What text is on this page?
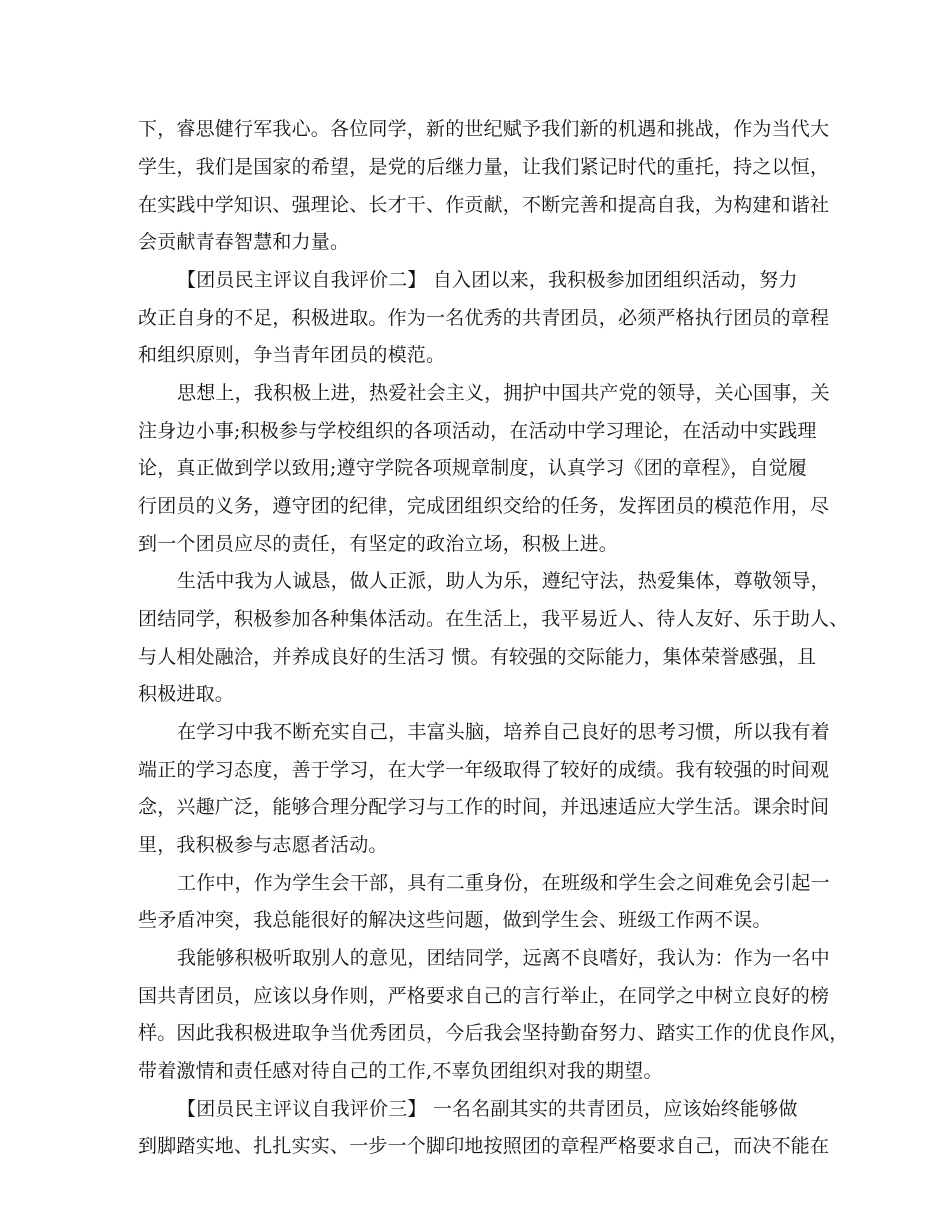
下，睿思健行军我心。各位同学，新的世纪赋予我们新的机遇和挑战，作为当代大
学生，我们是国家的希望，是党的后继力量，让我们紧记时代的重托，持之以恒，
在实践中学知识、强理论、长才干、作贡献，不断完善和提高自我，为构建和谐社
会贡献青春智慧和力量。
【团员民主评议自我评价二】 自入团以来，我积极参加团组织活动，努力
改正自身的不足，积极进取。作为一名优秀的共青团员，必须严格执行团员的章程
和组织原则，争当青年团员的模范。
思想上，我积极上进，热爱社会主义，拥护中国共产党的领导，关心国事，关
注身边小事;积极参与学校组织的各项活动，在活动中学习理论，在活动中实践理
论，真正做到学以致用;遵守学院各项规章制度，认真学习《团的章程》，自觉履
行团员的义务，遵守团的纪律，完成团组织交给的任务，发挥团员的模范作用，尽
到一个团员应尽的责任，有坚定的政治立场，积极上进。
生活中我为人诚恳，做人正派，助人为乐，遵纪守法，热爱集体，尊敬领导，
团结同学，积极参加各种集体活动。在生活上，我平易近人、待人友好、乐于助人、
与人相处融洽，并养成良好的生活习 惯。有较强的交际能力，集体荣誉感强，且
积极进取。
在学习中我不断充实自己，丰富头脑，培养自己良好的思考习惯，所以我有着
端正的学习态度，善于学习，在大学一年级取得了较好的成绩。我有较强的时间观
念，兴趣广泛，能够合理分配学习与工作的时间，并迅速适应大学生活。课余时间
里，我积极参与志愿者活动。
工作中，作为学生会干部，具有二重身份，在班级和学生会之间难免会引起一
些矛盾冲突，我总能很好的解决这些问题，做到学生会、班级工作两不误。
我能够积极听取别人的意见，团结同学，远离不良嗜好，我认为：作为一名中
国共青团员，应该以身作则，严格要求自己的言行举止，在同学之中树立良好的榜
样。因此我积极进取争当优秀团员，今后我会坚持勤奋努力、踏实工作的优良作风，
带着激情和责任感对待自己的工作,不辜负团组织对我的期望。
【团员民主评议自我评价三】 一名名副其实的共青团员，应该始终能够做
到脚踏实地、扎扎实实、一步一个脚印地按照团的章程严格要求自己，而决不能在
